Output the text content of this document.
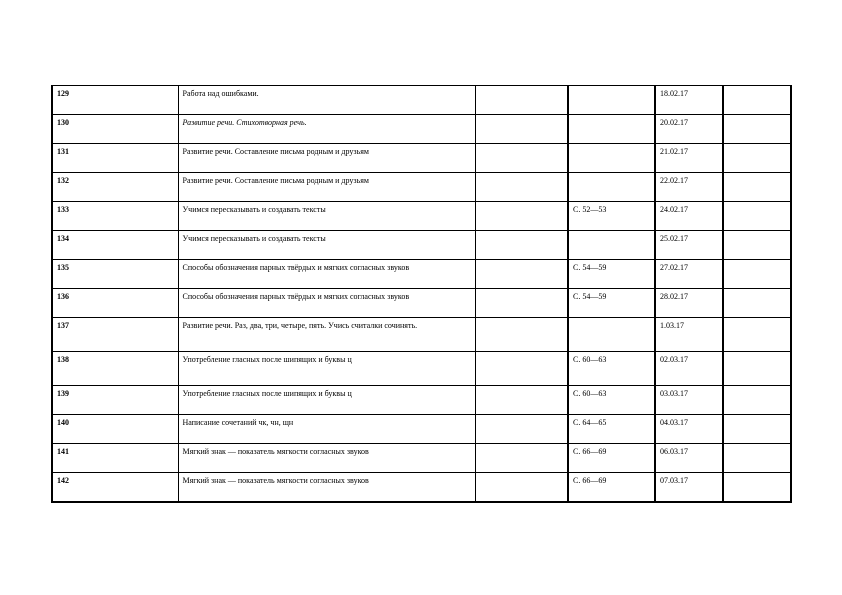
129	Работа над ошибками.			18.02.17	
130	Развитие речи. Стихотворная речь.			20.02.17	
131	Развитие речи. Составление письма родным и друзьям			21.02.17	
132	Развитие речи. Составление письма родным и друзьям			22.02.17	
133	Учимся пересказывать и создавать тексты		С. 52—53	24.02.17	
134	Учимся пересказывать и создавать тексты			25.02.17	
135	Способы обозначения парных твёрдых и мягких согласных звуков		С. 54—59	27.02.17	
136	Способы обозначения парных твёрдых и мягких согласных звуков		С. 54—59	28.02.17	
137	Развитие речи. Раз, два, три, четыре, пять. Учись считалки сочинять.			1.03.17	
138	Употребление гласных после шипящих и буквы ц		С. 60—63	02.03.17	
139	Употребление гласных после шипящих и буквы ц		С. 60—63	03.03.17	
140	Написание сочетаний чк, чн, щн		С. 64—65	04.03.17	
141	Мягкий знак — показатель мягкости согласных звуков		С. 66—69	06.03.17	
142	Мягкий знак — показатель мягкости согласных звуков		С. 66—69	07.03.17	
